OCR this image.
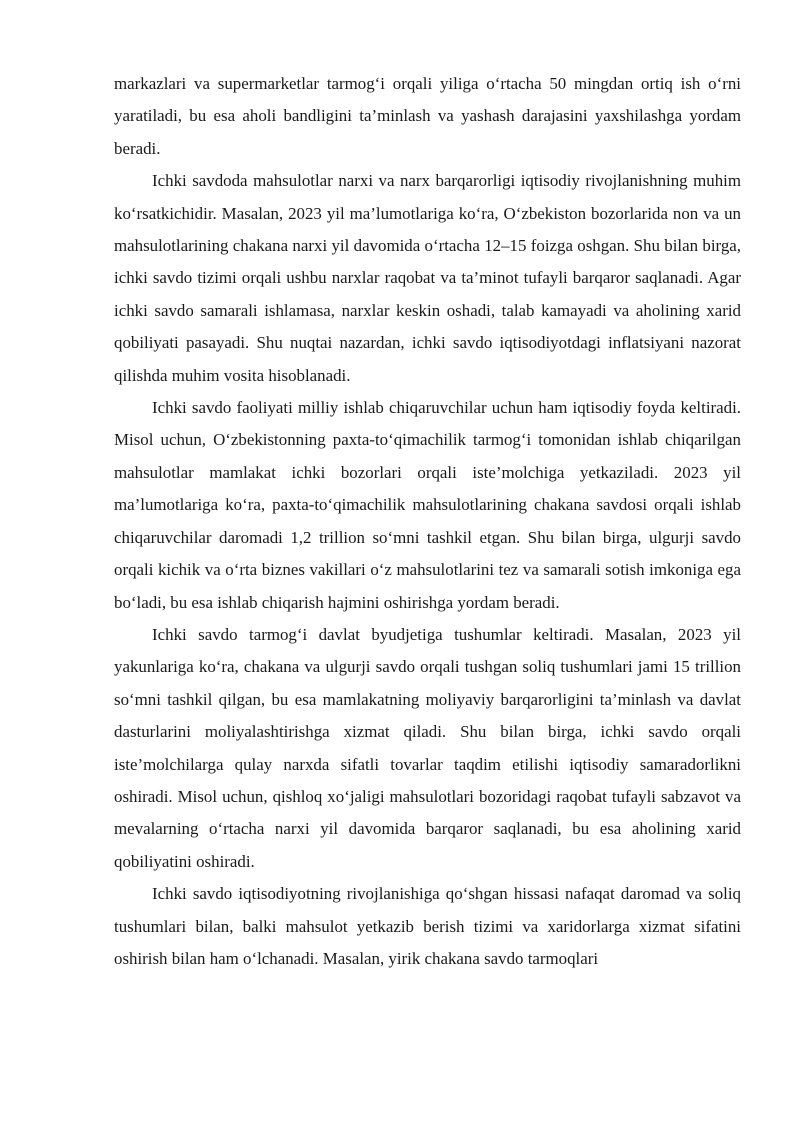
markazlari va supermarketlar tarmog‘i orqali yiliga o‘rtacha 50 mingdan ortiq ish o‘rni yaratiladi, bu esa aholi bandligini ta’minlash va yashash darajasini yaxshilashga yordam beradi.

Ichki savdoda mahsulotlar narxi va narx barqarorligi iqtisodiy rivojlanishning muhim ko‘rsatkichidir. Masalan, 2023 yil ma’lumotlariga ko‘ra, O‘zbekiston bozorlarida non va un mahsulotlarining chakana narxi yil davomida o‘rtacha 12–15 foizga oshgan. Shu bilan birga, ichki savdo tizimi orqali ushbu narxlar raqobat va ta’minot tufayli barqaror saqlanadi. Agar ichki savdo samarali ishlamasa, narxlar keskin oshadi, talab kamayadi va aholining xarid qobiliyati pasayadi. Shu nuqtai nazardan, ichki savdo iqtisodiyotdagi inflatsiyani nazorat qilishda muhim vosita hisoblanadi.

Ichki savdo faoliyati milliy ishlab chiqaruvchilar uchun ham iqtisodiy foyda keltiradi. Misol uchun, O‘zbekistonning paxta-to‘qimachilik tarmog‘i tomonidan ishlab chiqarilgan mahsulotlar mamlakat ichki bozorlari orqali iste’molchiga yetkaziladi. 2023 yil ma’lumotlariga ko‘ra, paxta-to‘qimachilik mahsulotlarining chakana savdosi orqali ishlab chiqaruvchilar daromadi 1,2 trillion so‘mni tashkil etgan. Shu bilan birga, ulgurji savdo orqali kichik va o‘rta biznes vakillari o‘z mahsulotlarini tez va samarali sotish imkoniga ega bo‘ladi, bu esa ishlab chiqarish hajmini oshirishga yordam beradi.

Ichki savdo tarmog‘i davlat byudjetiga tushumlar keltiradi. Masalan, 2023 yil yakunlariga ko‘ra, chakana va ulgurji savdo orqali tushgan soliq tushumlari jami 15 trillion so‘mni tashkil qilgan, bu esa mamlakatning moliyaviy barqarorligini ta’minlash va davlat dasturlarini moliyalashtirishga xizmat qiladi. Shu bilan birga, ichki savdo orqali iste’molchilarga qulay narxda sifatli tovarlar taqdim etilishi iqtisodiy samaradorlikni oshiradi. Misol uchun, qishloq xo‘jaligi mahsulotlari bozoridagi raqobat tufayli sabzavot va mevalarning o‘rtacha narxi yil davomida barqaror saqlanadi, bu esa aholining xarid qobiliyatini oshiradi.

Ichki savdo iqtisodiyotning rivojlanishiga qo‘shgan hissasi nafaqat daromad va soliq tushumlari bilan, balki mahsulot yetkazib berish tizimi va xaridorlarga xizmat sifatini oshirish bilan ham o‘lchanadi. Masalan, yirik chakana savdo tarmoqlari
